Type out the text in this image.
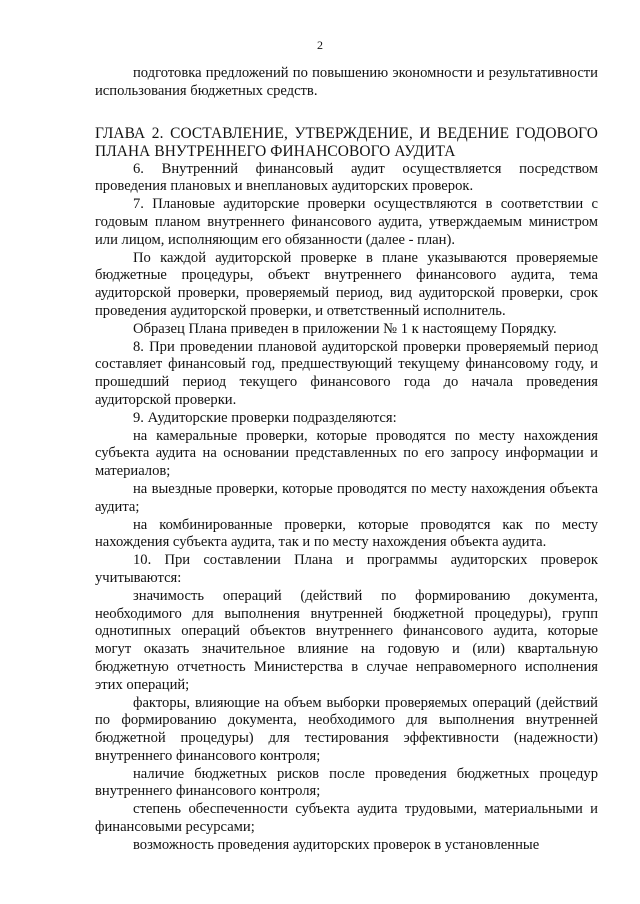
2

подготовка предложений по повышению экономности и результативности использования бюджетных средств.

ГЛАВА 2. СОСТАВЛЕНИЕ, УТВЕРЖДЕНИЕ, И ВЕДЕНИЕ ГОДОВОГО ПЛАНА ВНУТРЕННЕГО ФИНАНСОВОГО АУДИТА

6. Внутренний финансовый аудит осуществляется посредством проведения плановых и внеплановых аудиторских проверок.

7. Плановые аудиторские проверки осуществляются в соответствии с годовым планом внутреннего финансового аудита, утверждаемым министром или лицом, исполняющим его обязанности (далее - план).

По каждой аудиторской проверке в плане указываются проверяемые бюджетные процедуры, объект внутреннего финансового аудита, тема аудиторской проверки, проверяемый период, вид аудиторской проверки, срок проведения аудиторской проверки, и ответственный исполнитель.

Образец Плана приведен в приложении № 1 к настоящему Порядку.

8. При проведении плановой аудиторской проверки проверяемый период составляет финансовый год, предшествующий текущему финансовому году, и прошедший период текущего финансового года до начала проведения аудиторской проверки.

9. Аудиторские проверки подразделяются:

на камеральные проверки, которые проводятся по месту нахождения субъекта аудита на основании представленных по его запросу информации и материалов;

на выездные проверки, которые проводятся по месту нахождения объекта аудита;

на комбинированные проверки, которые проводятся как по месту нахождения субъекта аудита, так и по месту нахождения объекта аудита.

10. При составлении Плана и программы аудиторских проверок учитываются:

значимость операций (действий по формированию документа, необходимого для выполнения внутренней бюджетной процедуры), групп однотипных операций объектов внутреннего финансового аудита, которые могут оказать значительное влияние на годовую и (или) квартальную бюджетную отчетность Министерства в случае неправомерного исполнения этих операций;

факторы, влияющие на объем выборки проверяемых операций (действий по формированию документа, необходимого для выполнения внутренней бюджетной процедуры) для тестирования эффективности (надежности) внутреннего финансового контроля;

наличие бюджетных рисков после проведения бюджетных процедур внутреннего финансового контроля;

степень обеспеченности субъекта аудита трудовыми, материальными и финансовыми ресурсами;

возможность проведения аудиторских проверок в установленные
